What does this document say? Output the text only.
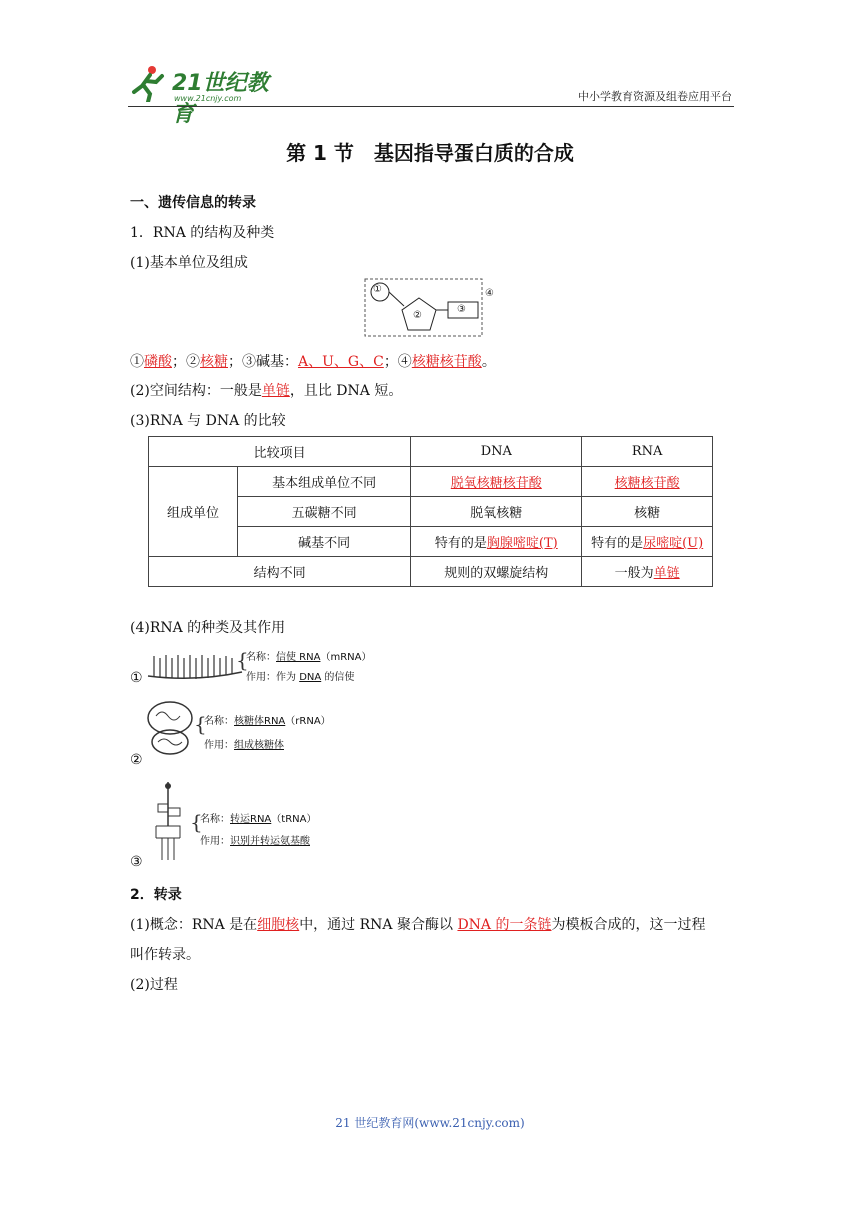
21世纪教育
www.21cnjy.com	中小学教育资源及组卷应用平台
第 1 节　基因指导蛋白质的合成
一、遗传信息的转录
1．RNA 的结构及种类
(1)基本单位及组成
①
②
③
④
①磷酸；②核糖；③碱基：A、U、G、C；④核糖核苷酸。
(2)空间结构：一般是单链，且比 DNA 短。
(3)RNA 与 DNA 的比较
比较项目		DNA	RNA
组成单位	基本组成单位不同	脱氧核糖核苷酸	核糖核苷酸
	五碳糖不同	脱氧核糖	核糖
	碱基不同	特有的是胸腺嘧啶(T)	特有的是尿嘧啶(U)
结构不同		规则的双螺旋结构	一般为单链
(4)RNA 的种类及其作用
①
{
名称：信使 RNA（mRNA）
作用：作为 DNA 的信使
②
{
名称：核糖体RNA（rRNA）
作用：组成核糖体
③
{
名称：转运RNA（tRNA）
作用：识别并转运氨基酸
2．转录
(1)概念：RNA 是在细胞核中，通过 RNA 聚合酶以 DNA 的一条链为模板合成的，这一过程
叫作转录。
(2)过程
21 世纪教育网(www.21cnjy.com)
